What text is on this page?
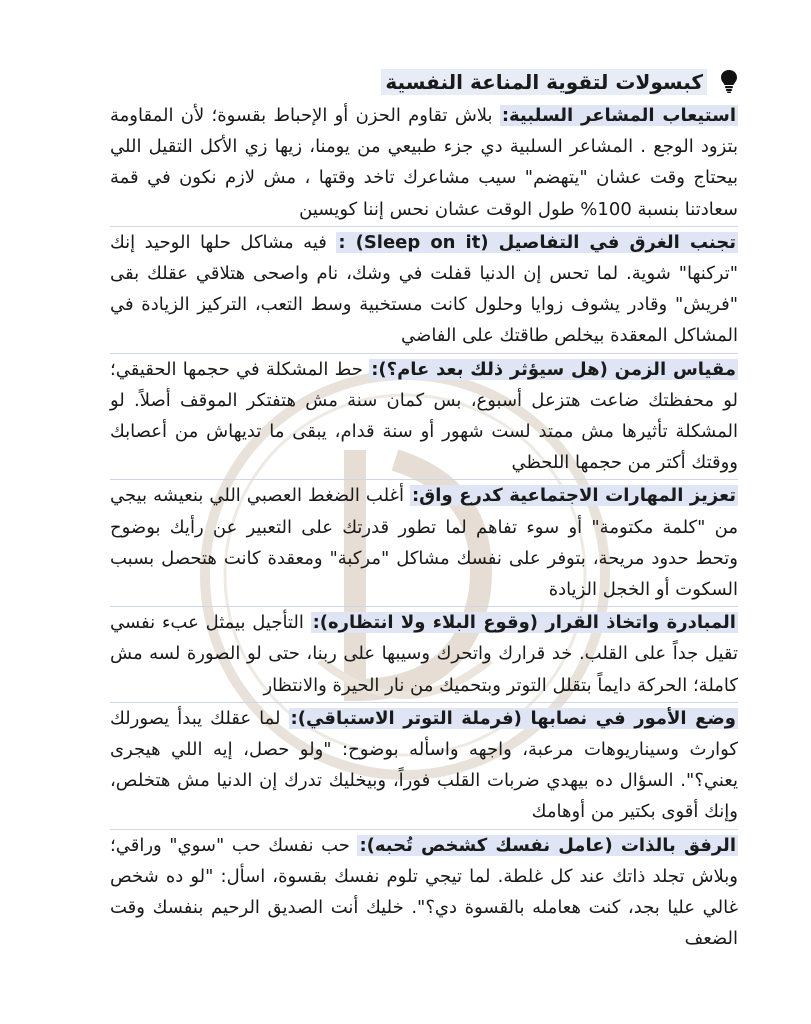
كبسولات لتقوية المناعة النفسية

استيعاب المشاعر السلبية: بلاش تقاوم الحزن أو الإحباط بقسوة؛ لأن المقاومة بتزود الوجع . المشاعر السلبية دي جزء طبيعي من يومنا، زيها زي الأكل التقيل اللي بيحتاج وقت عشان "يتهضم" سيب مشاعرك تاخد وقتها ، مش لازم نكون في قمة سعادتنا بنسبة 100% طول الوقت عشان نحس إننا كويسين

تجنب الغرق في التفاصيل (Sleep on it) : فيه مشاكل حلها الوحيد إنك "تركنها" شوية. لما تحس إن الدنيا قفلت في وشك، نام واصحى هتلاقي عقلك بقى "فريش" وقادر يشوف زوايا وحلول كانت مستخبية وسط التعب، التركيز الزيادة في المشاكل المعقدة بيخلص طاقتك على الفاضي

مقياس الزمن (هل سيؤثر ذلك بعد عام؟): حط المشكلة في حجمها الحقيقي؛ لو محفظتك ضاعت هتزعل أسبوع، بس كمان سنة مش هتفتكر الموقف أصلاً. لو المشكلة تأثيرها مش ممتد لست شهور أو سنة قدام، يبقى ما تديهاش من أعصابك ووقتك أكتر من حجمها اللحظي

تعزيز المهارات الاجتماعية كدرع واق: أغلب الضغط العصبي اللي بنعيشه بيجي من "كلمة مكتومة" أو سوء تفاهم لما تطور قدرتك على التعبير عن رأيك بوضوح وتحط حدود مريحة، بتوفر على نفسك مشاكل "مركبة" ومعقدة كانت هتحصل بسبب السكوت أو الخجل الزيادة

المبادرة واتخاذ القرار (وقوع البلاء ولا انتظاره): التأجيل بيمثل عبء نفسي تقيل جداً على القلب. خد قرارك واتحرك وسيبها على ربنا، حتى لو الصورة لسه مش كاملة؛ الحركة دايماً بتقلل التوتر وبتحميك من نار الحيرة والانتظار

وضع الأمور في نصابها (فرملة التوتر الاستباقي): لما عقلك يبدأ يصورلك كوارث وسيناريوهات مرعبة، واجهه واسأله بوضوح: "ولو حصل، إيه اللي هيجرى يعني؟". السؤال ده بيهدي ضربات القلب فوراً، وبيخليك تدرك إن الدنيا مش هتخلص، وإنك أقوى بكتير من أوهامك

الرفق بالذات (عامل نفسك كشخص تُحبه): حب نفسك حب "سوي" وراقي؛ وبلاش تجلد ذاتك عند كل غلطة. لما تيجي تلوم نفسك بقسوة، اسأل: "لو ده شخص غالي عليا بجد، كنت هعامله بالقسوة دي؟". خليك أنت الصديق الرحيم بنفسك وقت الضعف
